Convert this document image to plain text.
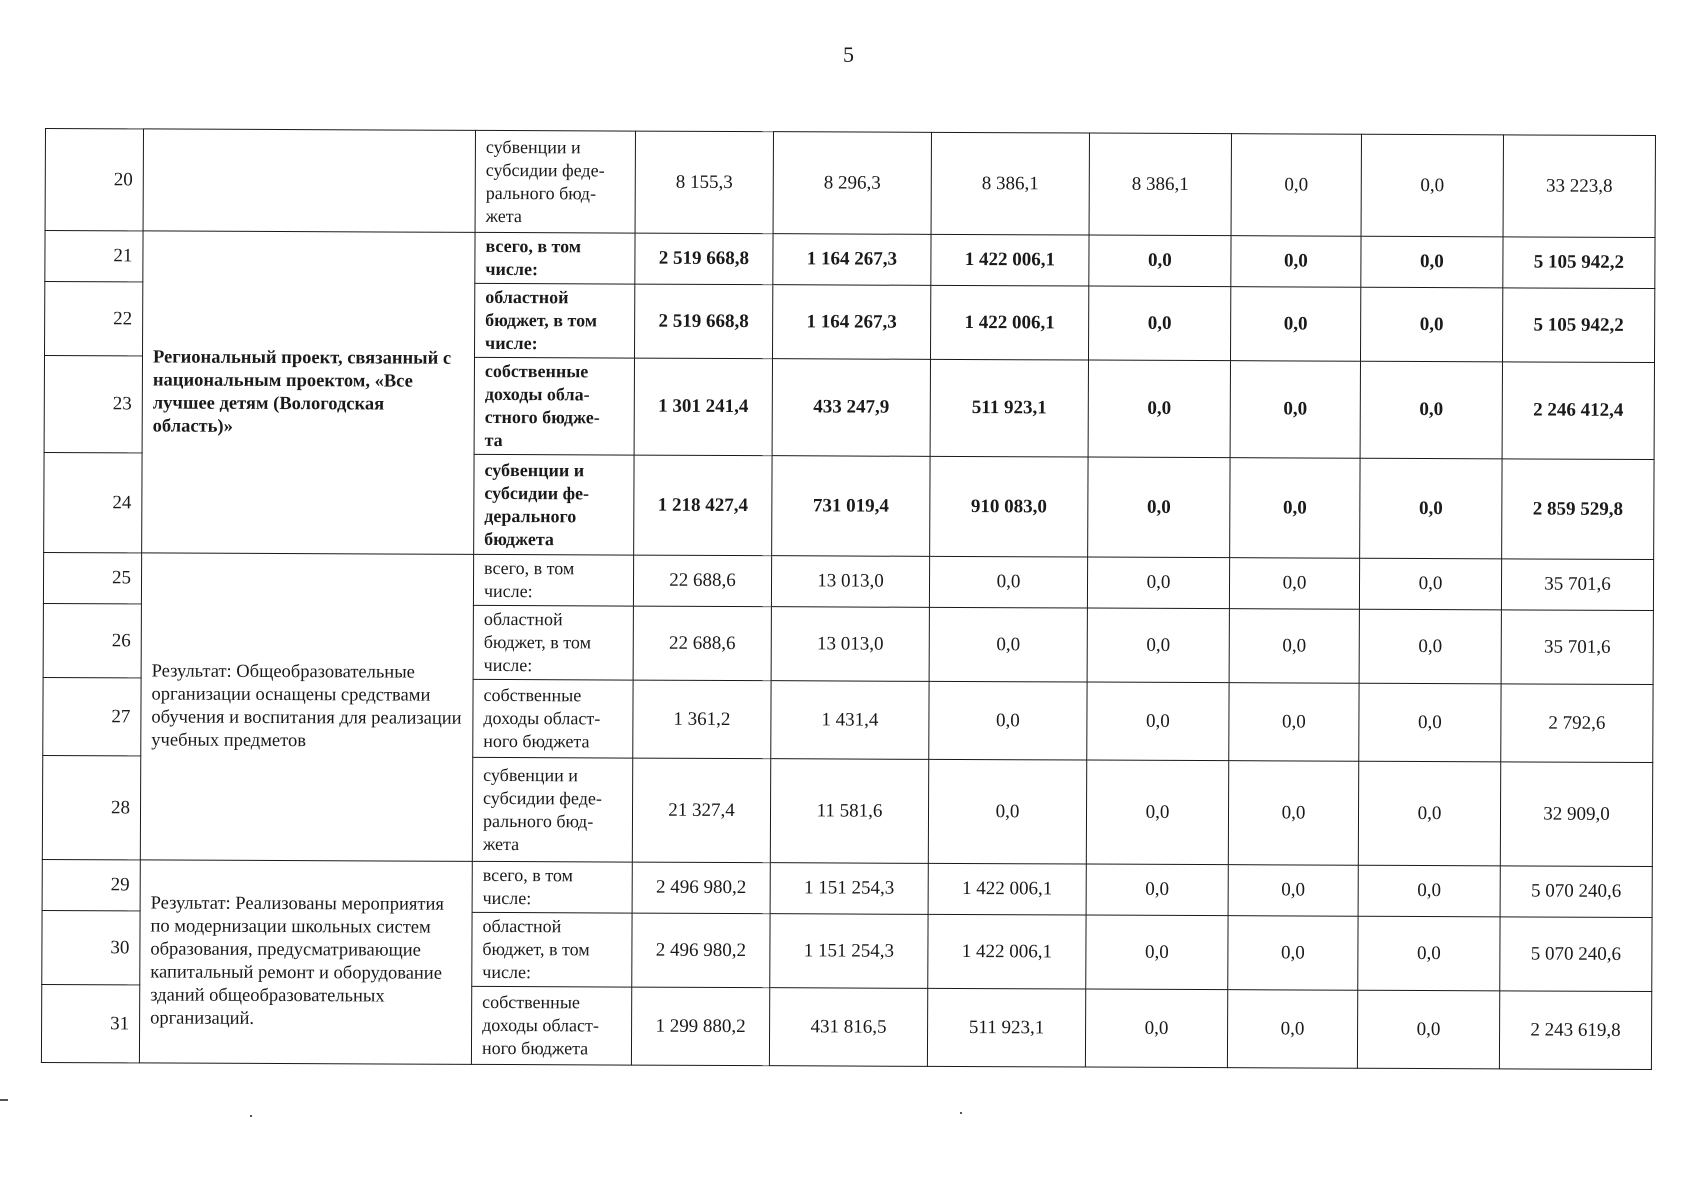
5
20		субвенции и
субсидии феде-
рального бюд-
жета	8 155,3	8 296,3	8 386,1	8 386,1	0,0	0,0	33 223,8
21	Региональный проект, связанный с национальным проектом, «Все лучшее детям (Вологодская область)»	всего, в том
числе:	2 519 668,8	1 164 267,3	1 422 006,1	0,0	0,0	0,0	5 105 942,2
22		областной
бюджет, в том
числе:	2 519 668,8	1 164 267,3	1 422 006,1	0,0	0,0	0,0	5 105 942,2
23		собственные
доходы обла-
стного бюдже-
та	1 301 241,4	433 247,9	511 923,1	0,0	0,0	0,0	2 246 412,4
24		субвенции и
субсидии фе-
дерального
бюджета	1 218 427,4	731 019,4	910 083,0	0,0	0,0	0,0	2 859 529,8
25	Результат: Общеобразовательные организации оснащены средствами обучения и воспитания для реализации учебных предметов	всего, в том
числе:	22 688,6	13 013,0	0,0	0,0	0,0	0,0	35 701,6
26		областной
бюджет, в том
числе:	22 688,6	13 013,0	0,0	0,0	0,0	0,0	35 701,6
27		собственные
доходы област-
ного бюджета	1 361,2	1 431,4	0,0	0,0	0,0	0,0	2 792,6
28		субвенции и
субсидии феде-
рального бюд-
жета	21 327,4	11 581,6	0,0	0,0	0,0	0,0	32 909,0
29	Результат: Реализованы мероприятия по модернизации школьных систем образования, предусматривающие капитальный ремонт и оборудование зданий общеобразовательных организаций.	всего, в том
числе:	2 496 980,2	1 151 254,3	1 422 006,1	0,0	0,0	0,0	5 070 240,6
30		областной
бюджет, в том
числе:	2 496 980,2	1 151 254,3	1 422 006,1	0,0	0,0	0,0	5 070 240,6
31		собственные
доходы област-
ного бюджета	1 299 880,2	431 816,5	511 923,1	0,0	0,0	0,0	2 243 619,8
